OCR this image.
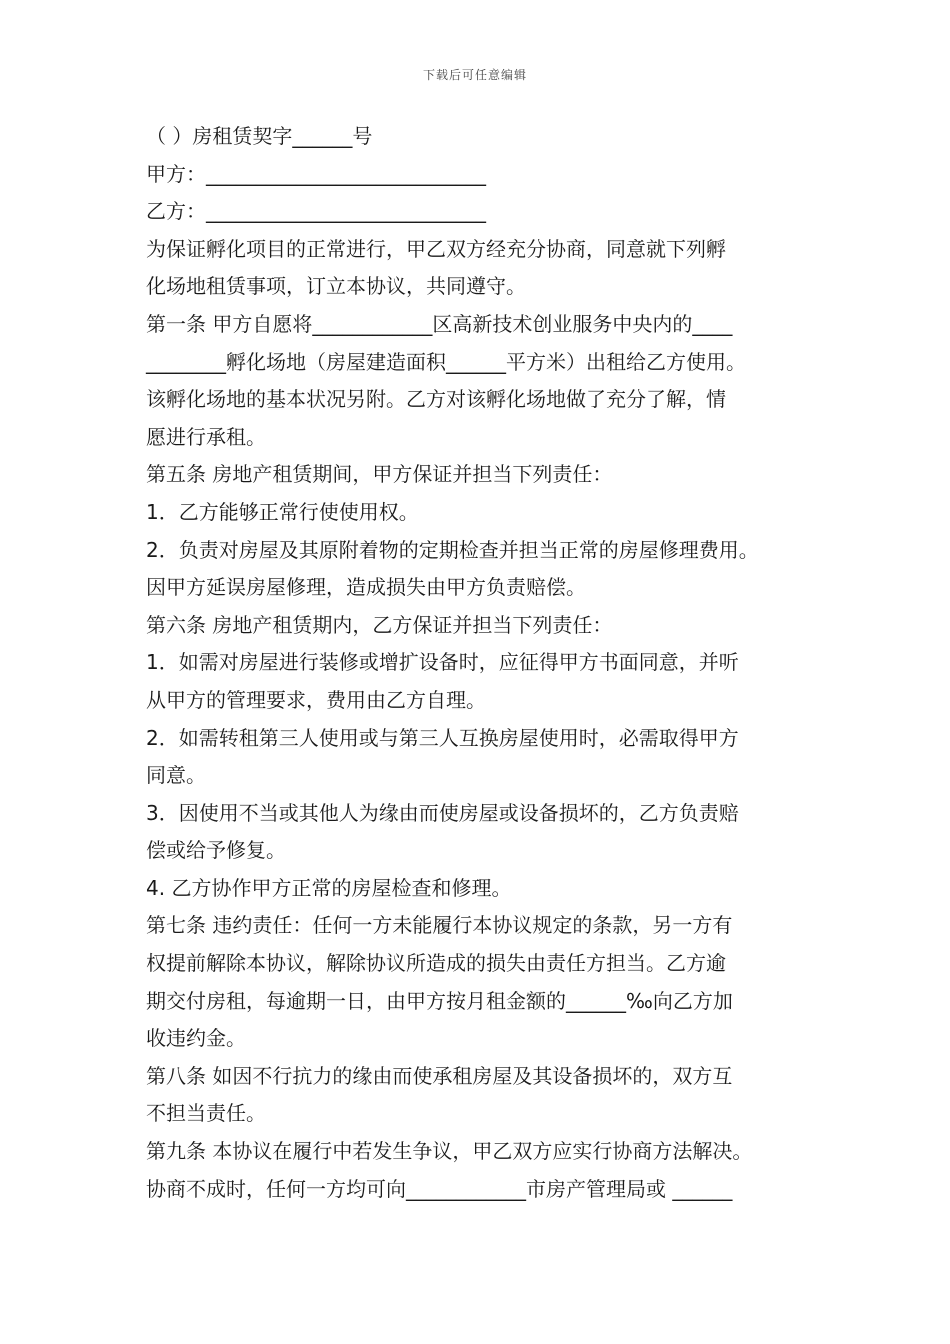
下载后可任意编辑
（ ）房租赁契字______号
甲方：____________________________
乙方：____________________________
为保证孵化项目的正常进行，甲乙双方经充分协商，同意就下列孵
化场地租赁事项，订立本协议，共同遵守。
第一条 甲方自愿将____________区高新技术创业服务中央内的____
________孵化场地（房屋建造面积______平方米）出租给乙方使用。
该孵化场地的基本状况另附。乙方对该孵化场地做了充分了解，情
愿进行承租。
第五条 房地产租赁期间，甲方保证并担当下列责任：
1．乙方能够正常行使使用权。
2．负责对房屋及其原附着物的定期检查并担当正常的房屋修理费用。
因甲方延误房屋修理，造成损失由甲方负责赔偿。
第六条 房地产租赁期内，乙方保证并担当下列责任：
1．如需对房屋进行装修或增扩设备时，应征得甲方书面同意，并听
从甲方的管理要求，费用由乙方自理。
2．如需转租第三人使用或与第三人互换房屋使用时，必需取得甲方
同意。
3．因使用不当或其他人为缘由而使房屋或设备损坏的，乙方负责赔
偿或给予修复。
4. 乙方协作甲方正常的房屋检查和修理。
第七条 违约责任：任何一方未能履行本协议规定的条款，另一方有
权提前解除本协议，解除协议所造成的损失由责任方担当。乙方逾
期交付房租，每逾期一日，由甲方按月租金额的______‰向乙方加
收违约金。
第八条 如因不行抗力的缘由而使承租房屋及其设备损坏的，双方互
不担当责任。
第九条 本协议在履行中若发生争议，甲乙双方应实行协商方法解决。
协商不成时，任何一方均可向____________市房产管理局或 ______
